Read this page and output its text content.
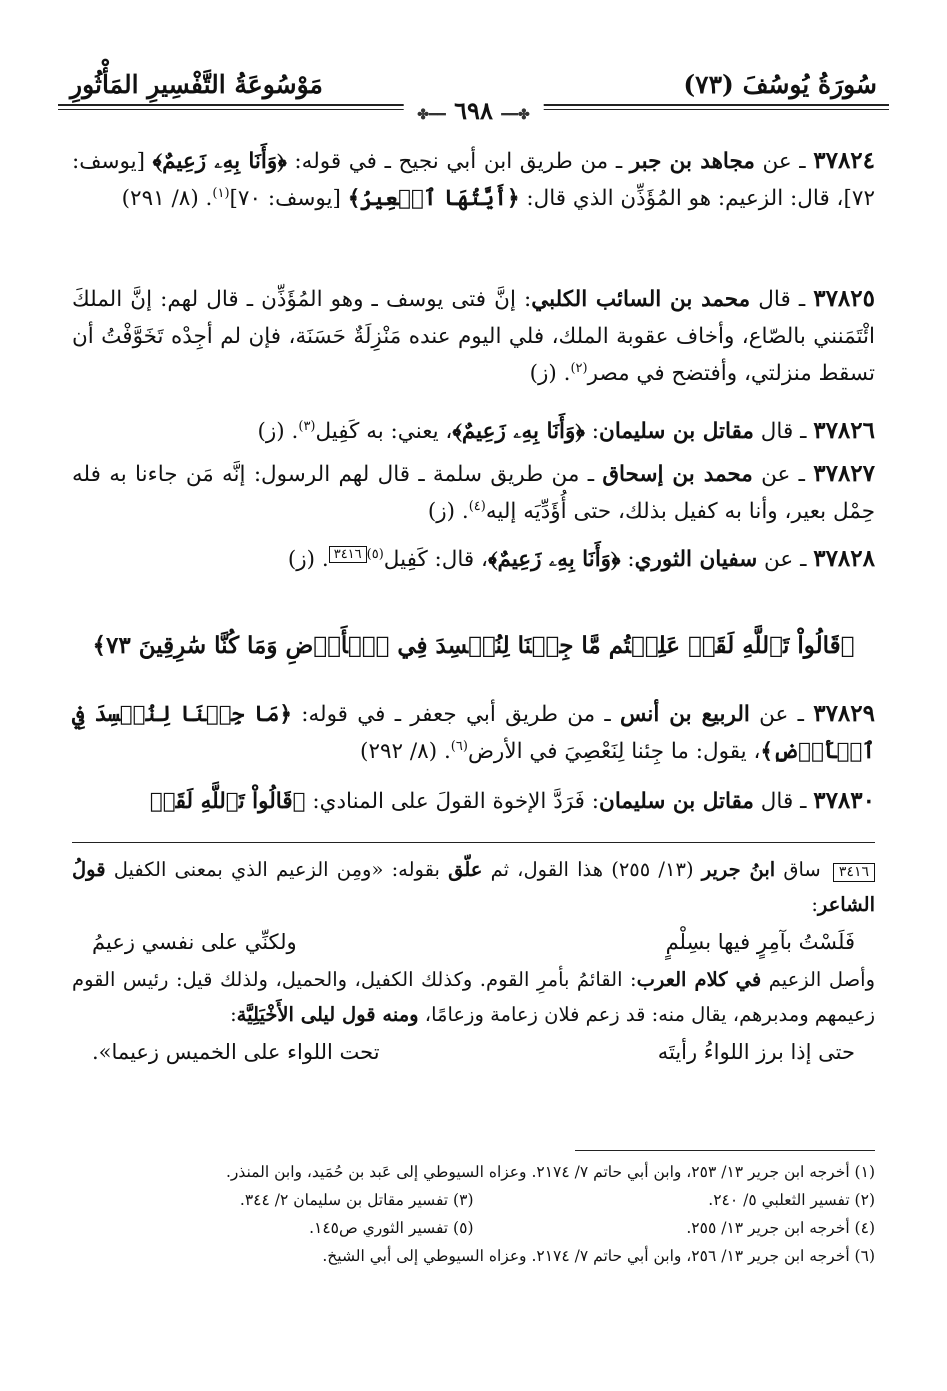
سُورَةُ يُوسُفَ (٧٣)
مَوْسُوعَةُ التَّفْسِيرِ المَأْثُورِ
✤━━ ٦٩٨ ━━✤
٣٧٨٢٤ ـ عن مجاهد بن جبر ـ من طريق ابن أبي نجيح ـ في قوله: ﴿وَأَنَا بِهِۦ زَعِيمٌ﴾ [يوسف: ٧٢]، قال: الزعيم: هو المُؤَذِّن الذي قال: ﴿أَيَّتُهَا ٱلۡعِيرُ﴾ [يوسف: ٧٠]$^{(١)}$. (٨/ ٢٩١)
٣٧٨٢٥ ـ قال محمد بن السائب الكلبي: إنَّ فتى يوسف ـ وهو المُؤَذِّن ـ قال لهم: إنَّ الملكَ ائْتَمَنني بالصّاع، وأخاف عقوبة الملك، فلي اليوم عنده مَنْزِلَةٌ حَسَنَة، فإن لم أجِدْه تَخَوَّفْتُ أن تسقط منزلتي، وأفتضح في مصر$^{(٢)}$. (ز)
٣٧٨٢٦ ـ قال مقاتل بن سليمان: ﴿وَأَنَا بِهِۦ زَعِيمٌ﴾، يعني: به كَفِيل$^{(٣)}$. (ز)
٣٧٨٢٧ ـ عن محمد بن إسحاق ـ من طريق سلمة ـ قال لهم الرسول: إنَّه مَن جاءنا به فله حِمْل بعير، وأنا به كفيل بذلك، حتى أُؤَدِّيَه إليه$^{(٤)}$. (ز)
٣٧٨٢٨ ـ عن سفيان الثوري: ﴿وَأَنَا بِهِۦ زَعِيمٌ﴾، قال: كَفِيل$^{(٥)}$٣٤١٦. (ز)
﴿قَالُواْ تَٱللَّهِ لَقَدۡ عَلِمۡتُم مَّا جِئۡنَا لِنُفۡسِدَ فِي ٱلۡأَرۡضِ وَمَا كُنَّا سَٰرِقِينَ ٧٣﴾
٣٧٨٢٩ ـ عن الربيع بن أنس ـ من طريق أبي جعفر ـ في قوله: ﴿مَا جِئۡنَا لِنُفۡسِدَ فِي ٱلۡأَرۡضِ﴾، يقول: ما جِئنا لِنَعْصِيَ في الأرض$^{(٦)}$. (٨/ ٢٩٢)
٣٧٨٣٠ ـ قال مقاتل بن سليمان: فَرَدَّ الإخوة القولَ على المنادي: ﴿قَالُواْ تَٱللَّهِ لَقَدۡ
٣٤١٦ ساق ابنُ جرير (١٣/ ٢٥٥) هذا القول، ثم علّق بقوله: «ومِن الزعيم الذي بمعنى الكفيل قولُ الشاعر:
فَلَسْتُ بآمِرٍ فيها بسِلْمٍ
ولكنِّي على نفسي زعيمُ
وأصل الزعيم في كلام العرب: القائمُ بأمرِ القوم. وكذلك الكفيل، والحميل، ولذلك قيل: رئيس القوم زعيمهم ومدبرهم، يقال منه: قد زعم فلان زعامة وزعامًا، ومنه قول ليلى الأَخْيَلِيَّة:
حتى إذا برز اللواءُ رأيتَه
تحت اللواء على الخميس زعيما».
(١) أخرجه ابن جرير ١٣/ ٢٥٣، وابن أبي حاتم ٧/ ٢١٧٤. وعزاه السيوطي إلى عَبد بن حُمَيد، وابن المنذر.
(٢) تفسير الثعلبي ٥/ ٢٤٠.
(٣) تفسير مقاتل بن سليمان ٢/ ٣٤٤.
(٤) أخرجه ابن جرير ١٣/ ٢٥٥.
(٥) تفسير الثوري ص١٤٥.
(٦) أخرجه ابن جرير ١٣/ ٢٥٦، وابن أبي حاتم ٧/ ٢١٧٤. وعزاه السيوطي إلى أبي الشيخ.
